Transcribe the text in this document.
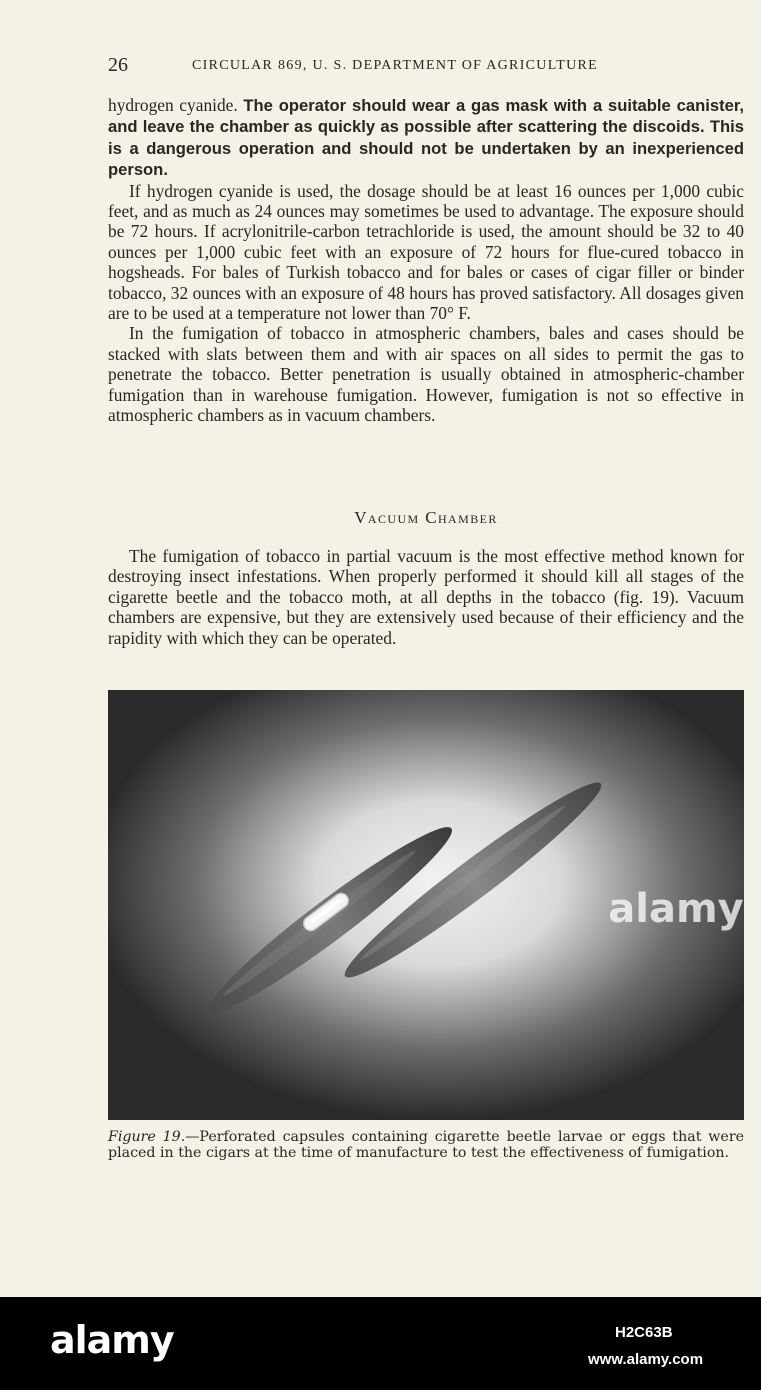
26	CIRCULAR 869, U. S. DEPARTMENT OF AGRICULTURE

hydrogen cyanide. The operator should wear a gas mask with a suitable canister, and leave the chamber as quickly as possible after scattering the discoids. This is a dangerous operation and should not be undertaken by an inexperienced person.

If hydrogen cyanide is used, the dosage should be at least 16 ounces per 1,000 cubic feet, and as much as 24 ounces may sometimes be used to advantage. The exposure should be 72 hours. If acrylonitrile-carbon tetrachloride is used, the amount should be 32 to 40 ounces per 1,000 cubic feet with an exposure of 72 hours for flue-cured tobacco in hogsheads. For bales of Turkish tobacco and for bales or cases of cigar filler or binder tobacco, 32 ounces with an exposure of 48 hours has proved satisfactory. All dosages given are to be used at a temperature not lower than 70° F.

In the fumigation of tobacco in atmospheric chambers, bales and cases should be stacked with slats between them and with air spaces on all sides to permit the gas to penetrate the tobacco. Better penetration is usually obtained in atmospheric-chamber fumigation than in warehouse fumigation. However, fumigation is not so effective in atmospheric chambers as in vacuum chambers.

Vacuum Chamber

The fumigation of tobacco in partial vacuum is the most effective method known for destroying insect infestations. When properly performed it should kill all stages of the cigarette beetle and the tobacco moth, at all depths in the tobacco (fig. 19). Vacuum chambers are expensive, but they are extensively used because of their efficiency and the rapidity with which they can be operated.

alamy
Figure 19.—Perforated capsules containing cigarette beetle larvae or eggs that were placed in the cigars at the time of manufacture to test the effectiveness of fumigation.
alamy	H2C63B
www.alamy.com
